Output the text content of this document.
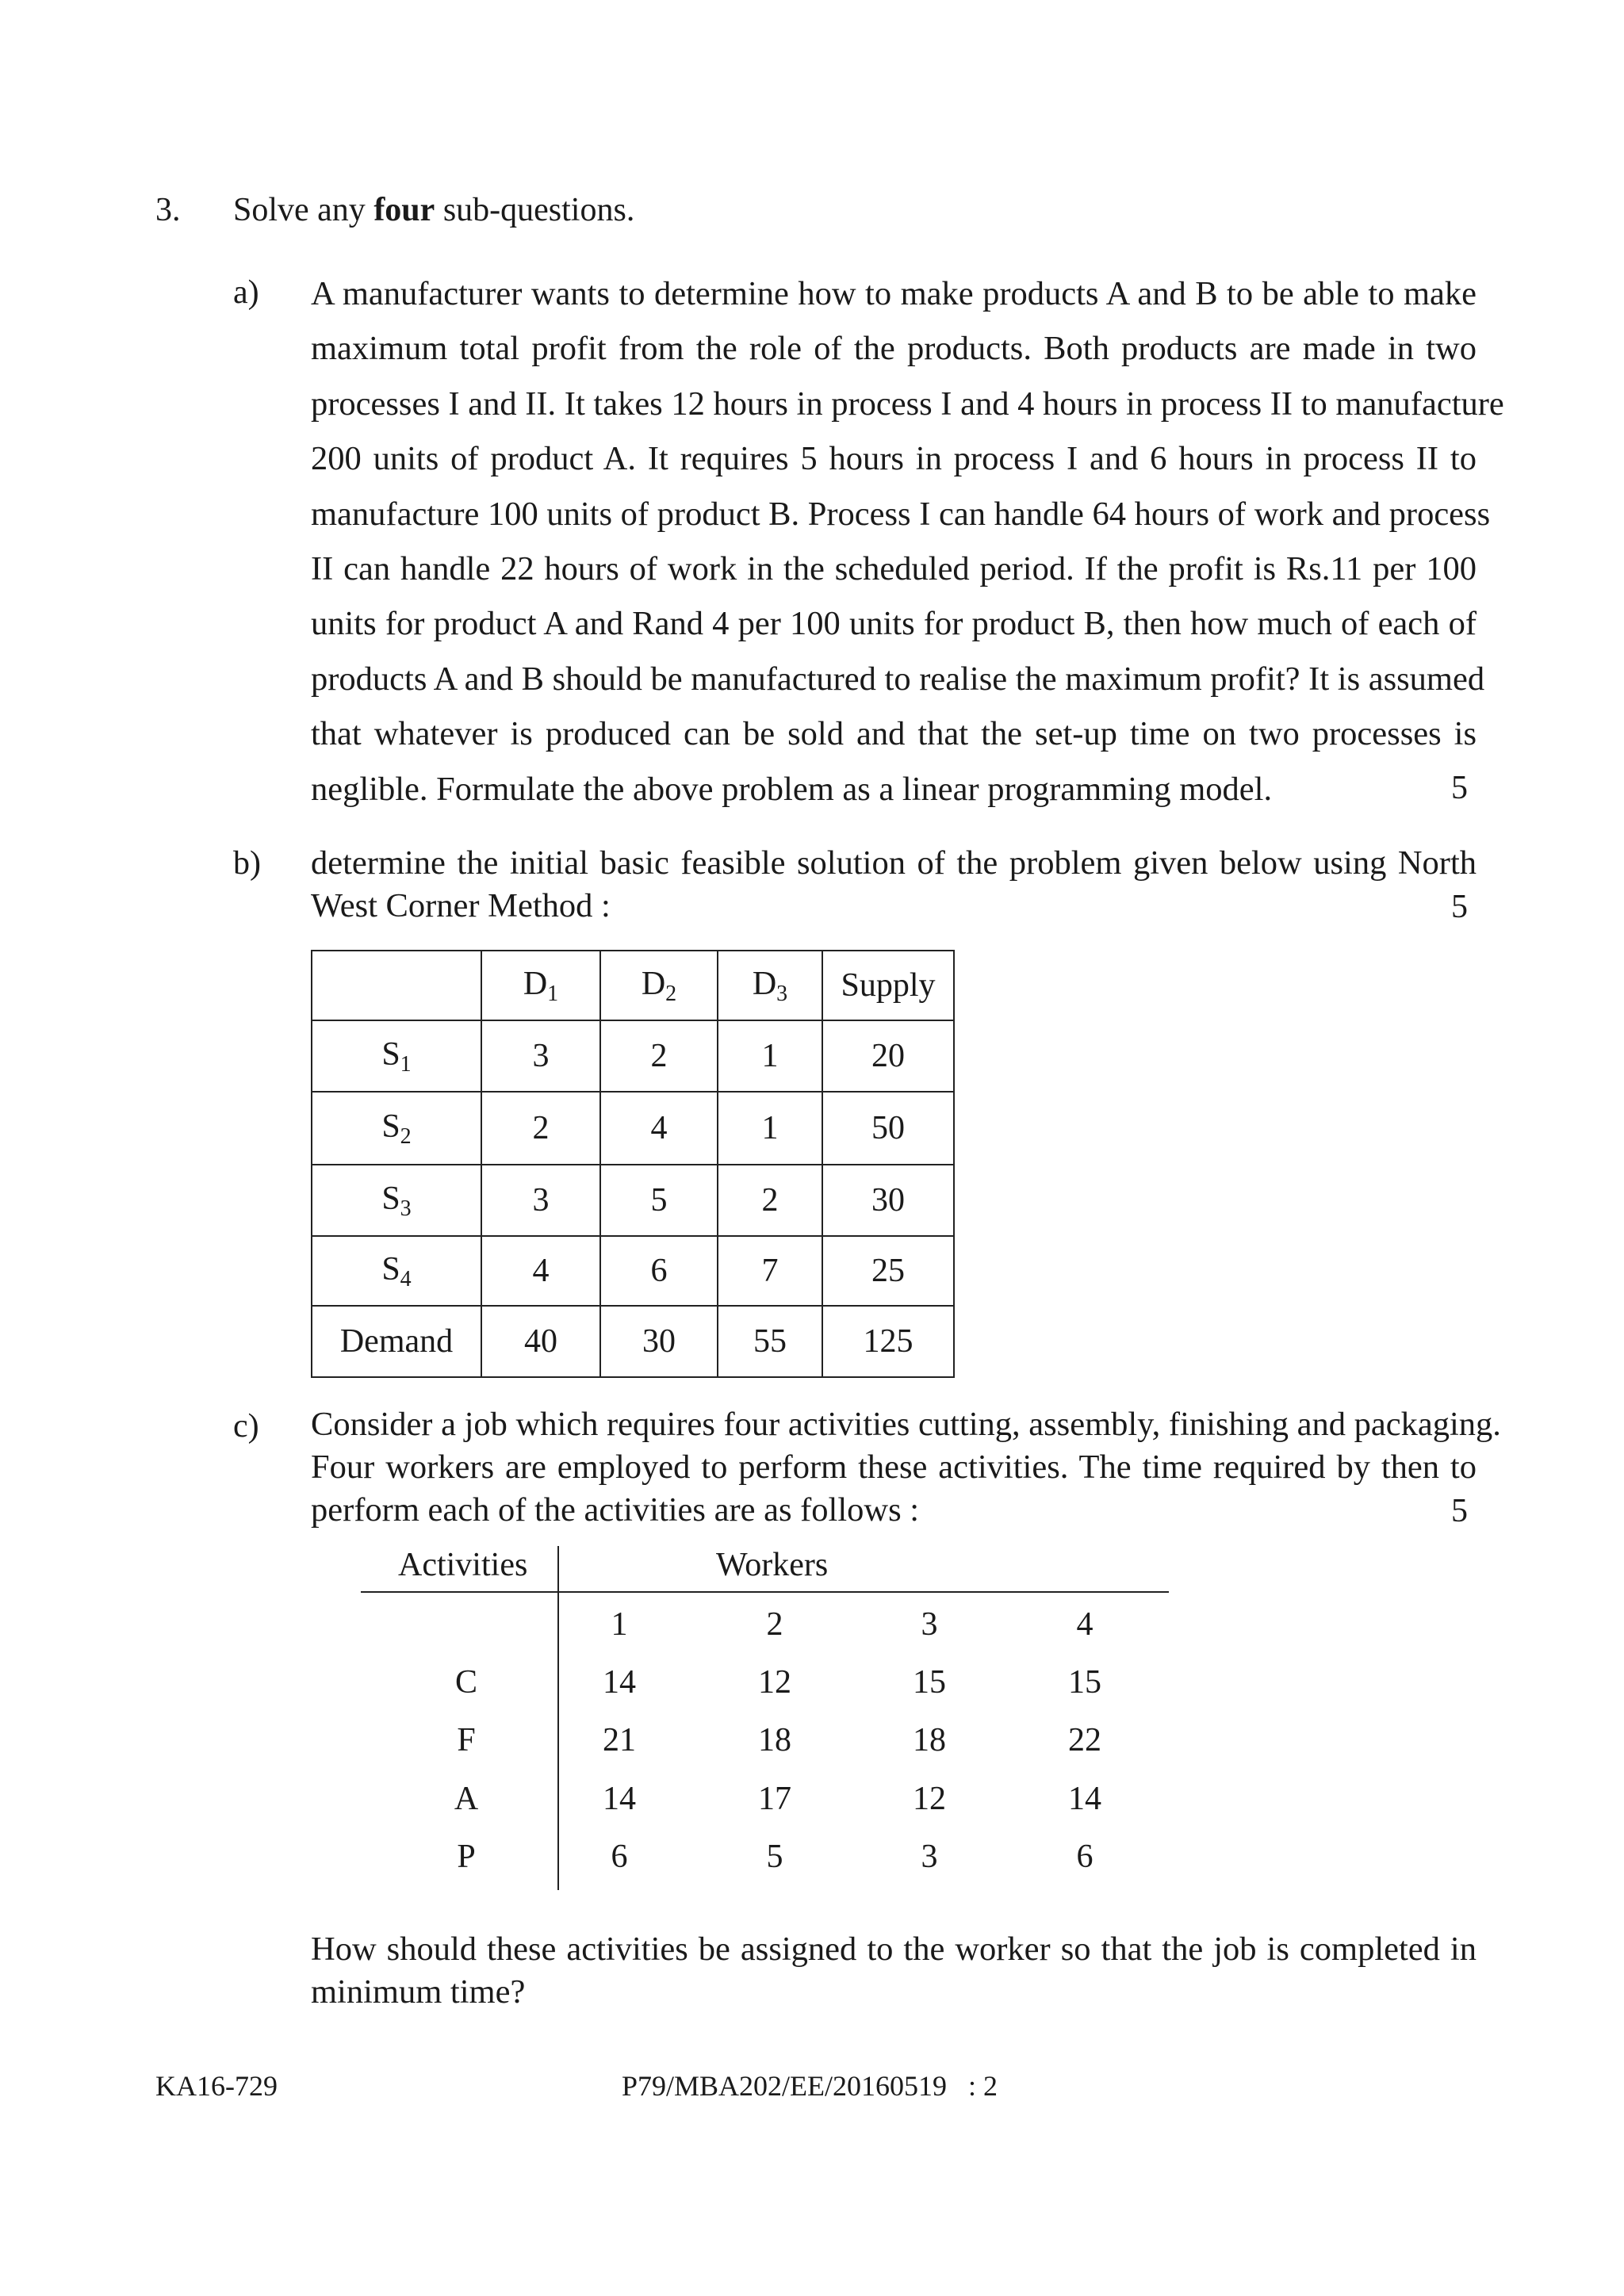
3. Solve any four sub-questions.
a) A manufacturer wants to determine how to make products A and B to be able to make

maximum total profit from the role of the products. Both products are made in two

processes I and II. It takes 12 hours in process I and 4 hours in process II to manufacture

200 units of product A. It requires 5 hours in process I and 6 hours in process II to

manufacture 100 units of product B. Process I can handle 64 hours of work and process

II can handle 22 hours of work in the scheduled period. If the profit is Rs.11 per 100

units for product A and Rand 4 per 100 units for product B, then how much of each of

products A and B should be manufactured to realise the maximum profit? It is assumed

that whatever is produced can be sold and that the set-up time on two processes is

neglible. Formulate the above problem as a linear programming model.	5
b) determine the initial basic feasible solution of the problem given below using North

West Corner Method :	5
	$D_1$	$D_2$	$D_3$	Supply
$S_1$	3	2	1	20
$S_2$	2	4	1	50
$S_3$	3	5	2	30
$S_4$	4	6	7	25
Demand	40	30	55	125
c) Consider a job which requires four activities cutting, assembly, finishing and packaging.

Four workers are employed to perform these activities. The time required by then to

perform each of the activities are as follows :	5
Activities	Workers
1	2	3	4
C	14	12	15	15
F	21	18	18	22
A	14	17	12	14
P	6	5	3	6

How should these activities be assigned to the worker so that the job is completed in

minimum time?

KA16-729	P79/MBA202/EE/20160519 : 2
